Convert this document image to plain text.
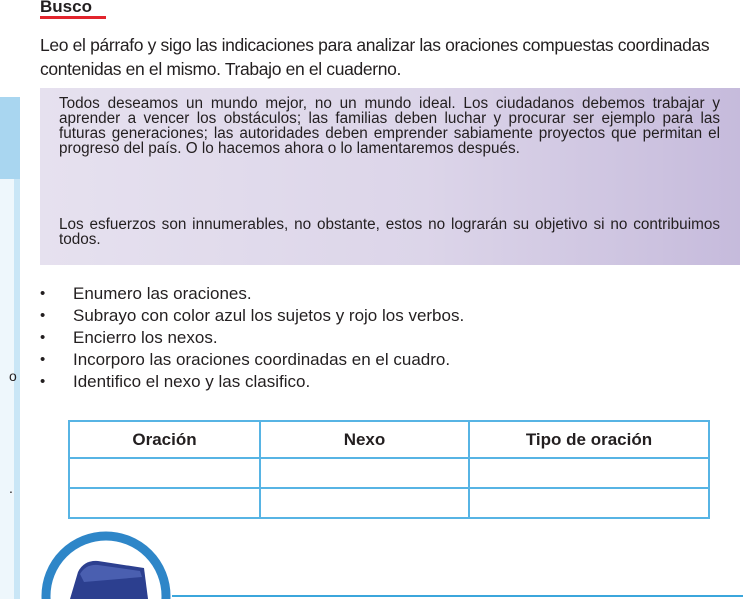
o
.
Busco

Leo el párrafo y sigo las indicaciones para analizar las oraciones compuestas coordinadas contenidas en el mismo. Trabajo en el cuaderno.

Todos deseamos un mundo mejor, no un mundo ideal. Los ciudadanos debemos trabajar y aprender a vencer los obstáculos; las familias deben luchar y procurar ser ejemplo para las futuras generaciones; las autoridades deben emprender sabiamente proyectos que permitan el progreso del país. O lo hacemos ahora o lo lamentaremos después.

Los esfuerzos son innumerables, no obstante, estos no lograrán su objetivo si no contribuimos todos.

• Enumero las oraciones.
• Subrayo con color azul los sujetos y rojo los verbos.
• Encierro los nexos.
• Incorporo las oraciones coordinadas en el cuadro.
• Identifico el nexo y las clasifico.
Oración	Nexo	Tipo de oración
